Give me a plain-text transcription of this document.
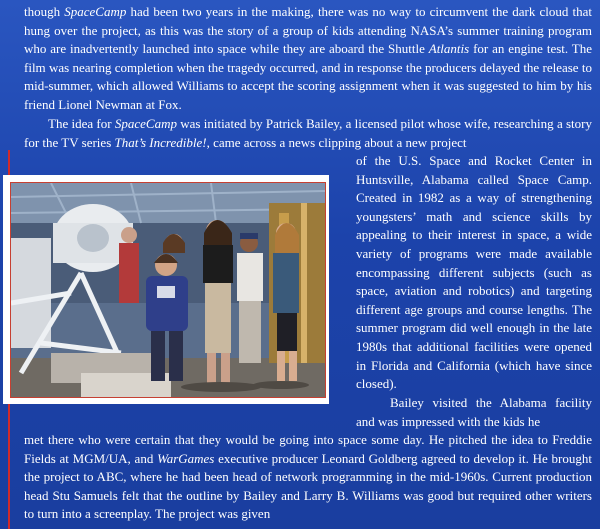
though SpaceCamp had been two years in the making, there was no way to circumvent the dark cloud that hung over the project, as this was the story of a group of kids attending NASA’s summer training program who are inadvertently launched into space while they are aboard the Shuttle Atlantis for an engine test. The film was nearing completion when the tragedy occurred, and in response the producers delayed the release to mid-summer, which allowed Williams to accept the scoring assignment when it was suggested to him by his friend Lionel Newman at Fox.

The idea for SpaceCamp was initiated by Patrick Bailey, a licensed pilot whose wife, researching a story for the TV series That’s Incredible!, came across a news clipping about a new project

of the U.S. Space and Rocket Center in Huntsville, Alabama called Space Camp. Created in 1982 as a way of strengthening youngsters’ math and science skills by appealing to their interest in space, a wide variety of programs were made available encompassing different subjects (such as space, aviation and robotics) and targeting different age groups and course lengths. The summer program did well enough in the late 1980s that additional facilities were opened in Florida and California (which have since closed).

Bailey visited the Alabama facility and was impressed with the kids he

met there who were certain that they would be going into space some day. He pitched the idea to Freddie Fields at MGM/UA, and WarGames executive producer Leonard Goldberg agreed to develop it. He brought the project to ABC, where he had been head of network programming in the mid-1960s. Current production head Stu Samuels felt that the outline by Bailey and Larry B. Williams was good but required other writers to turn into a screenplay. The project was given
